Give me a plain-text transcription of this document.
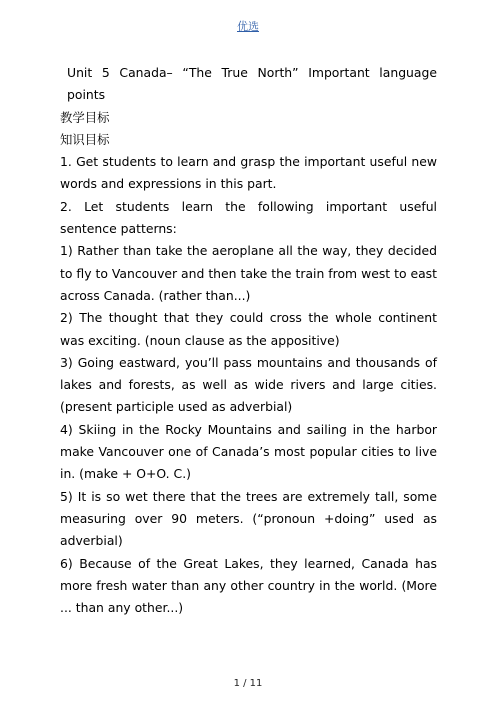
优选

Unit 5 Canada– “The True North” Important language points

教学目标

知识目标

1. Get students to learn and grasp the important useful new words and expressions in this part.

2. Let students learn the following important useful sentence patterns:

1) Rather than take the aeroplane all the way, they decided to fly to Vancouver and then take the train from west to east across Canada. (rather than...)

2) The thought that they could cross the whole continent was exciting. (noun clause as the appositive)

3) Going eastward, you’ll pass mountains and thousands of lakes and forests, as well as wide rivers and large cities. (present participle used as adverbial)

4) Skiing in the Rocky Mountains and sailing in the harbor make Vancouver one of Canada’s most popular cities to live in. (make + O+O. C.)

5) It is so wet there that the trees are extremely tall, some measuring over 90 meters. (“pronoun +doing” used as adverbial)

6) Because of the Great Lakes, they learned, Canada has more fresh water than any other country in the world. (More ... than any other...)

1 / 11
